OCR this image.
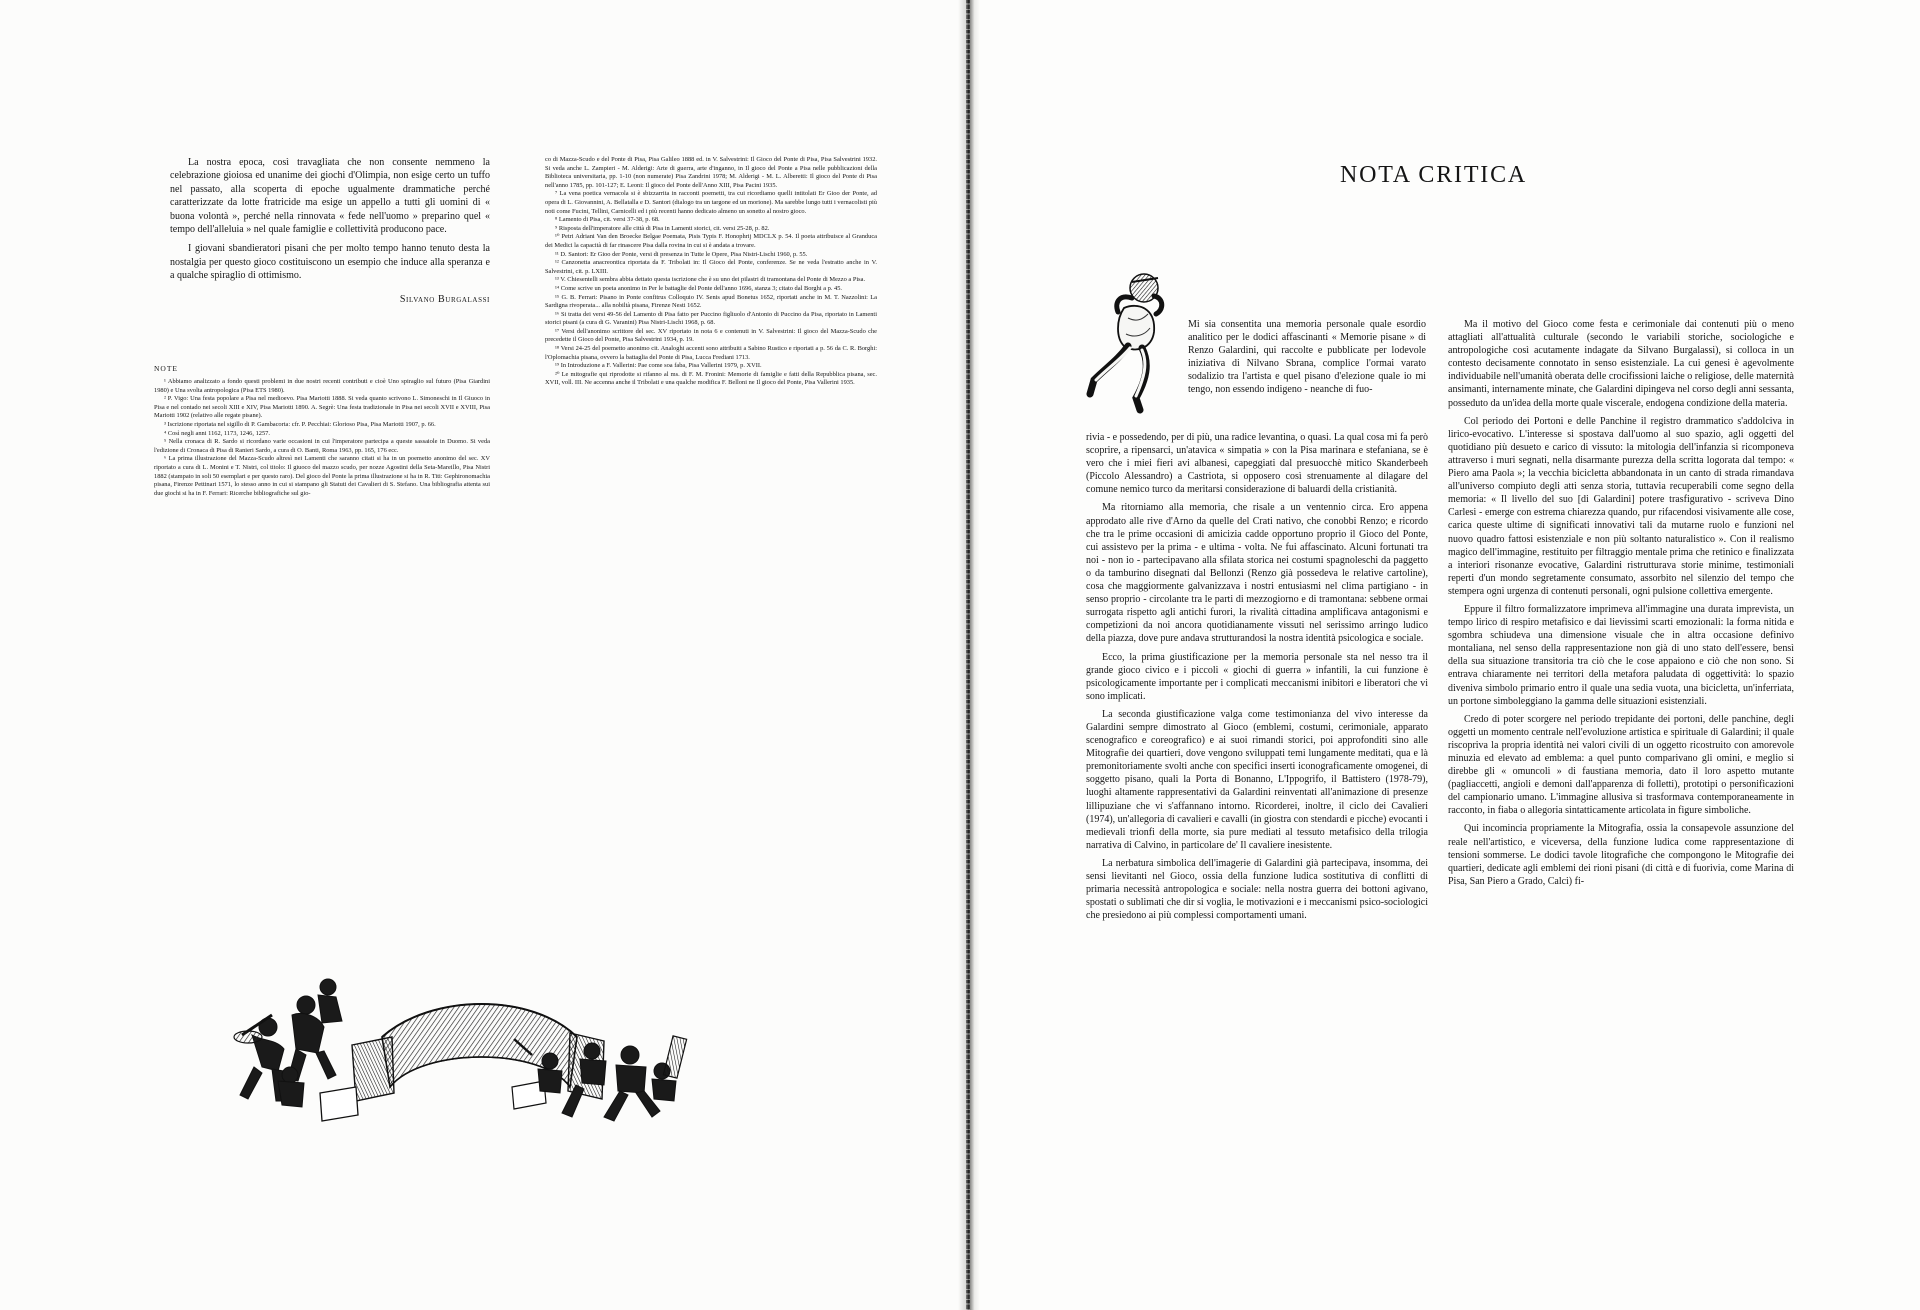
La nostra epoca, così travagliata che non consente nemmeno la celebrazione gioiosa ed unanime dei giochi d'Olimpia, non esige certo un tuffo nel passato, alla scoperta di epoche ugualmente drammatiche perché caratterizzate da lotte fratricide ma esige un appello a tutti gli uomini di « buona volontà », perché nella rinnovata « fede nell'uomo » preparino quel « tempo dell'alleluia » nel quale famiglie e collettività producono pace.

I giovani sbandieratori pisani che per molto tempo hanno tenuto desta la nostalgia per questo gioco costituiscono un esempio che induce alla speranza e a qualche spiraglio di ottimismo.

Silvano Burgalassi
NOTE

¹ Abbiamo analizzato a fondo questi problemi in due nostri recenti contributi e cioè Uno spiraglio sul futuro (Pisa Giardini 1980) e Una svolta antropologica (Pisa ETS 1980).

² P. Vigo: Una festa popolare a Pisa nel medioevo. Pisa Mariotti 1888. Si veda quanto scrivono L. Simoneschi in Il Giuoco in Pisa e nel contado nei secoli XIII e XIV, Pisa Mariotti 1890. A. Segrè: Una festa tradizionale in Pisa nei secoli XVII e XVIII, Pisa Mariotti 1902 (relativo alle regate pisane).

³ Iscrizione riportata nel sigillo di P. Gambacorta: cfr. P. Pecchiai: Glorioso Pisa, Pisa Mariotti 1907, p. 66.

⁴ Così negli anni 1162, 1173, 1246, 1257.

⁵ Nella cronaca di R. Sardo si ricordano varie occasioni in cui l'imperatore partecipa a queste sassaiole in Duomo. Si veda l'edizione di Cronaca di Pisa di Ranieri Sardo, a cura di O. Banti, Roma 1963, pp. 165, 176 ecc.

⁶ La prima illustrazione del Mazza-Scudo altresì nei Lamenti che saranno citati si ha in un poemetto anonimo del sec. XV riportato a cura di L. Monini e T. Nistri, col titolo: Il giuoco del mazzo scudo, per nozze Agostini della Seta-Mareillo, Pisa Nistri 1882 (stampato in soli 50 esemplari e per questo raro). Del gioco del Ponte la prima illustrazione si ha in R. Titi: Gephironomachia pisana, Firenze Pettinari 1571, lo stesso anno in cui si stampano gli Statuti dei Cavalieri di S. Stefano. Una bibliografia attenta sui due giochi si ha in F. Ferrari: Ricerche bibliografiche sul gio-

co di Mazza-Scudo e del Ponte di Pisa, Pisa Galileo 1888 ed. in V. Salvestrini: Il Gioco del Ponte di Pisa, Pisa Salvestrini 1932. Si veda anche L. Zampieri - M. Alderigi: Arte di guerra, arte d'inganno, in Il gioco del Ponte a Pisa nelle pubblicazioni della Biblioteca universitaria, pp. 1-10 (non numerate) Pisa Zandrini 1978; M. Alderigi - M. L. Alberetti: Il gioco del Ponte di Pisa nell'anno 1785, pp. 101-127; E. Leoni: Il gioco del Ponte dell'Anno XIII, Pisa Pacini 1935.

⁷ La vena poetica vernacola si è sbizzarrita in racconti poemetti, tra cui ricordiamo quelli intitolati Er Gioo der Ponte, ad opera di L. Giovannini, A. Bellatalla e D. Santori (dialogo tra un targone ed un morione). Ma sarebbe lungo tutti i vernacolisti più noti come Fucini, Tellini, Carnicelli ed i più recenti hanno dedicato almeno un sonetto al nostro gioco.

⁸ Lamento di Pisa, cit. versi 37-38, p. 68.

⁹ Risposta dell'imperatore alle città di Pisa in Lamenti storici, cit. versi 25-28, p. 82.

¹⁰ Petri Adriani Van den Broecke Belgae Poemata, Pisis Typis F. Honophrij MDCLX p. 54. Il poeta attribuisce al Granduca dei Medici la capacità di far rinascere Pisa dalla rovina in cui si è andata a trovare.

¹¹ D. Santori: Er Gioo der Ponte, versi di presenza in Tutte le Opere, Pisa Nistri-Lischi 1960, p. 55.

¹² Canzonetta anacreontica riportata da F. Tribolati in: Il Gioco del Ponte, conferenze. Se ne veda l'estratto anche in V. Salvestrini, cit. p. LXIII.

¹³ V. Chiesentelli sembra abbia dettato questa iscrizione che è su uno dei pilastri di tramontana del Ponte di Mezzo a Pisa.

¹⁴ Come scrive un poeta anonimo in Per le battaglie del Ponte dell'anno 1696, stanza 3; citato dal Borghi a p. 45.

¹⁵ G. B. Ferrari: Pisano in Ponte confitrus Colloquio IV. Senis apud Bonetus 1652, riportati anche in M. T. Nazzolini: La Sardigna rivoperata... alla nobiltà pisana, Firenze Nesti 1652.

¹⁶ Si tratta dei versi 49-56 del Lamento di Pisa fatto per Puccino figliuolo d'Antonio di Puccino da Pisa, riportato in Lamenti storici pisani (a cura di G. Varanini) Pisa Nistri-Lischi 1968, p. 68.

¹⁷ Versi dell'anonimo scrittore del sec. XV riportato in nota 6 e contenuti in V. Salvestrini: Il gioco del Mazza-Scudo che precedette il Gioco del Ponte, Pisa Salvestrini 1934, p. 19.

¹⁸ Versi 24-25 del poemetto anonimo cit. Analoghi accenti sono attribuiti a Sabino Rustico e riportati a p. 56 da C. R. Borghi: l'Oplomachia pisana, ovvero la battaglia del Ponte di Pisa, Lucca Frediani 1713.

¹⁹ In Introduzione a F. Vallerini: Pae come soa faba, Pisa Vallerini 1979, p. XVII.

²⁰ Le mitografie qui riprodotte si rifanno al ms. di F. M. Fronini: Memorie di famiglie e fatti della Repubblica pisana, sec. XVII, voll. III. Ne accenna anche il Tribolati e una qualche modifica F. Belloni ne Il gioco del Ponte, Pisa Vallerini 1935.

NOTA CRITICA
Mi sia consentita una memoria personale quale esordio analitico per le dodici affascinanti « Memorie pisane » di Renzo Galardini, qui raccolte e pubblicate per lodevole iniziativa di Nilvano Sbrana, complice l'ormai varato sodalizio tra l'artista e quel pisano d'elezione quale io mi tengo, non essendo indigeno - neanche di fuo-

rivia - e possedendo, per di più, una radice levantina, o quasi. La qual cosa mi fa però scoprire, a ripensarci, un'atavica « simpatia » con la Pisa marinara e stefaniana, se è vero che i miei fieri avi albanesi, capeggiati dal presuocchè mitico Skanderbeeh (Piccolo Alessandro) a Castriota, si opposero così strenuamente al dilagare del comune nemico turco da meritarsi considerazione di baluardi della cristianità.

Ma ritorniamo alla memoria, che risale a un ventennio circa. Ero appena approdato alle rive d'Arno da quelle del Crati nativo, che conobbi Renzo; e ricordo che tra le prime occasioni di amicizia cadde opportuno proprio il Gioco del Ponte, cui assistevo per la prima - e ultima - volta. Ne fui affascinato. Alcuni fortunati tra noi - non io - partecipavano alla sfilata storica nei costumi spagnoleschi da paggetto o da tamburino disegnati dal Bellonzi (Renzo già possedeva le relative cartoline), cosa che maggiormente galvanizzava i nostri entusiasmi nel clima partigiano - in senso proprio - circolante tra le parti di mezzogiorno e di tramontana: sebbene ormai surrogata rispetto agli antichi furori, la rivalità cittadina amplificava antagonismi e competizioni da noi ancora quotidianamente vissuti nel serissimo arringo ludico della piazza, dove pure andava strutturandosi la nostra identità psicologica e sociale.

Ecco, la prima giustificazione per la memoria personale sta nel nesso tra il grande gioco civico e i piccoli « giochi di guerra » infantili, la cui funzione è psicologicamente importante per i complicati meccanismi inibitori e liberatori che vi sono implicati.

La seconda giustificazione valga come testimonianza del vivo interesse da Galardini sempre dimostrato al Gioco (emblemi, costumi, cerimoniale, apparato scenografico e coreografico) e ai suoi rimandi storici, poi approfonditi sino alle Mitografie dei quartieri, dove vengono sviluppati temi lungamente meditati, qua e là premonitoriamente svolti anche con specifici inserti iconograficamente omogenei, di soggetto pisano, quali la Porta di Bonanno, L'Ippogrifo, il Battistero (1978-79), luoghi altamente rappresentativi da Galardini reinventati all'animazione di presenze lillipuziane che vi s'affannano intorno. Ricorderei, inoltre, il ciclo dei Cavalieri (1974), un'allegoria di cavalieri e cavalli (in giostra con stendardi e picche) evocanti i medievali trionfi della morte, sia pure mediati al tessuto metafisico della trilogia narrativa di Calvino, in particolare de' Il cavaliere inesistente.

La nerbatura simbolica dell'imagerie di Galardini già partecipava, insomma, dei sensi lievitanti nel Gioco, ossia della funzione ludica sostitutiva di conflitti di primaria necessità antropologica e sociale: nella nostra guerra dei bottoni agivano, spostati o sublimati che dir si voglia, le motivazioni e i meccanismi psico-sociologici che presiedono ai più complessi comportamenti umani.

Ma il motivo del Gioco come festa e cerimoniale dai contenuti più o meno attagliati all'attualità culturale (secondo le variabili storiche, sociologiche e antropologiche così acutamente indagate da Silvano Burgalassi), si colloca in un contesto decisamente connotato in senso esistenziale. La cui genesi è agevolmente individuabile nell'umanità oberata delle crocifissioni laiche o religiose, delle maternità ansimanti, internamente minate, che Galardini dipingeva nel corso degli anni sessanta, posseduto da un'idea della morte quale viscerale, endogena condizione della materia.

Col periodo dei Portoni e delle Panchine il registro drammatico s'addolciva in lirico-evocativo. L'interesse si spostava dall'uomo al suo spazio, agli oggetti del quotidiano più desueto e carico di vissuto: la mitologia dell'infanzia si ricomponeva attraverso i muri segnati, nella disarmante purezza della scritta logorata dal tempo: « Piero ama Paola »; la vecchia bicicletta abbandonata in un canto di strada rimandava all'universo compiuto degli atti senza storia, tuttavia recuperabili come segno della memoria: « Il livello del suo [di Galardini] potere trasfigurativo - scriveva Dino Carlesi - emerge con estrema chiarezza quando, pur rifacendosi visivamente alle cose, carica queste ultime di significati innovativi tali da mutarne ruolo e funzioni nel nuovo quadro fattosi esistenziale e non più soltanto naturalistico ». Con il realismo magico dell'immagine, restituito per filtraggio mentale prima che retinico e finalizzata a interiori risonanze evocative, Galardini ristrutturava storie minime, testimoniali reperti d'un mondo segretamente consumato, assorbito nel silenzio del tempo che stempera ogni urgenza di contenuti personali, ogni pulsione collettiva emergente.

Eppure il filtro formalizzatore imprimeva all'immagine una durata imprevista, un tempo lirico di respiro metafisico e dai lievissimi scarti emozionali: la forma nitida e sgombra schiudeva una dimensione visuale che in altra occasione definivo montaliana, nel senso della rappresentazione non già di uno stato dell'essere, bensì della sua situazione transitoria tra ciò che le cose appaiono e ciò che non sono. Si entrava chiaramente nei territori della metafora paludata di oggettività: lo spazio diveniva simbolo primario entro il quale una sedia vuota, una bicicletta, un'inferriata, un portone simboleggiano la gamma delle situazioni esistenziali.

Credo di poter scorgere nel periodo trepidante dei portoni, delle panchine, degli oggetti un momento centrale nell'evoluzione artistica e spirituale di Galardini; il quale riscopriva la propria identità nei valori civili di un oggetto ricostruito con amorevole minuzia ed elevato ad emblema: a quel punto comparivano gli omini, e meglio si direbbe gli « omuncoli » di faustiana memoria, dato il loro aspetto mutante (pagliaccetti, angioli e demoni dall'apparenza di folletti), prototipi o personificazioni del campionario umano. L'immagine allusiva si trasformava contemporaneamente in racconto, in fiaba o allegoria sintatticamente articolata in figure simboliche.

Qui incomincia propriamente la Mitografia, ossia la consapevole assunzione del reale nell'artistico, e viceversa, della funzione ludica come rappresentazione di tensioni sommerse. Le dodici tavole litografiche che compongono le Mitografie dei quartieri, dedicate agli emblemi dei rioni pisani (di città e di fuorivia, come Marina di Pisa, San Piero a Grado, Calci) fi-
